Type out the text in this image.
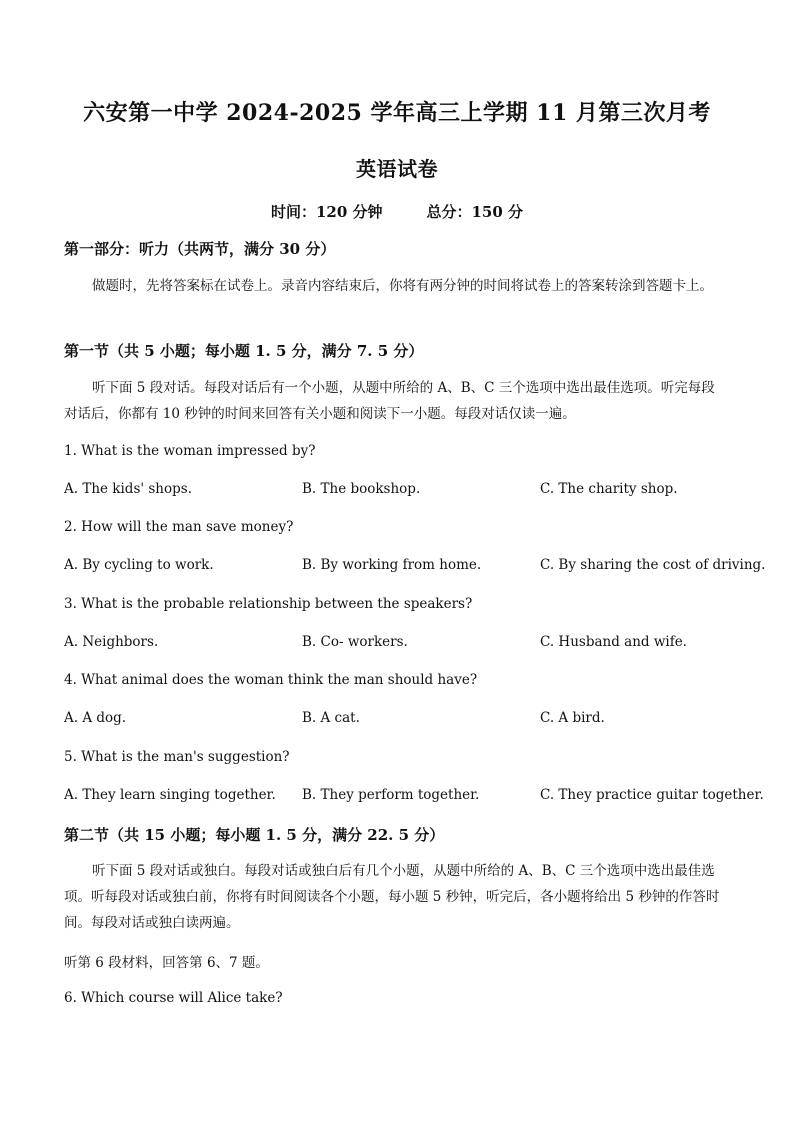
六安第一中学 2024-2025 学年高三上学期 11 月第三次月考
英语试卷
时间：120 分钟	总分：150 分
第一部分：听力（共两节，满分 30 分）

做题时，先将答案标在试卷上。录音内容结束后，你将有两分钟的时间将试卷上的答案转涂到答题卡上。

第一节（共 5 小题；每小题 1. 5 分，满分 7. 5 分）

听下面 5 段对话。每段对话后有一个小题，从题中所给的 A、B、C 三个选项中选出最佳选项。听完每段对话后，你都有 10 秒钟的时间来回答有关小题和阅读下一小题。每段对话仅读一遍。

1. What is the woman impressed by?
A. The kids' shops.	B. The bookshop.	C. The charity shop.
2. How will the man save money?
A. By cycling to work.	B. By working from home.	C. By sharing the cost of driving.
3. What is the probable relationship between the speakers?
A. Neighbors.	B. Co- workers.	C. Husband and wife.
4. What animal does the woman think the man should have?
A. A dog.	B. A cat.	C. A bird.
5. What is the man's suggestion?
A. They learn singing together. B. They perform together.	C. They practice guitar together.
第二节（共 15 小题；每小题 1. 5 分，满分 22. 5 分）

听下面 5 段对话或独白。每段对话或独白后有几个小题，从题中所给的 A、B、C 三个选项中选出最佳选项。听每段对话或独白前，你将有时间阅读各个小题，每小题 5 秒钟，听完后，各小题将给出 5 秒钟的作答时间。每段对话或独白读两遍。

听第 6 段材料，回答第 6、7 题。
6. Which course will Alice take?
